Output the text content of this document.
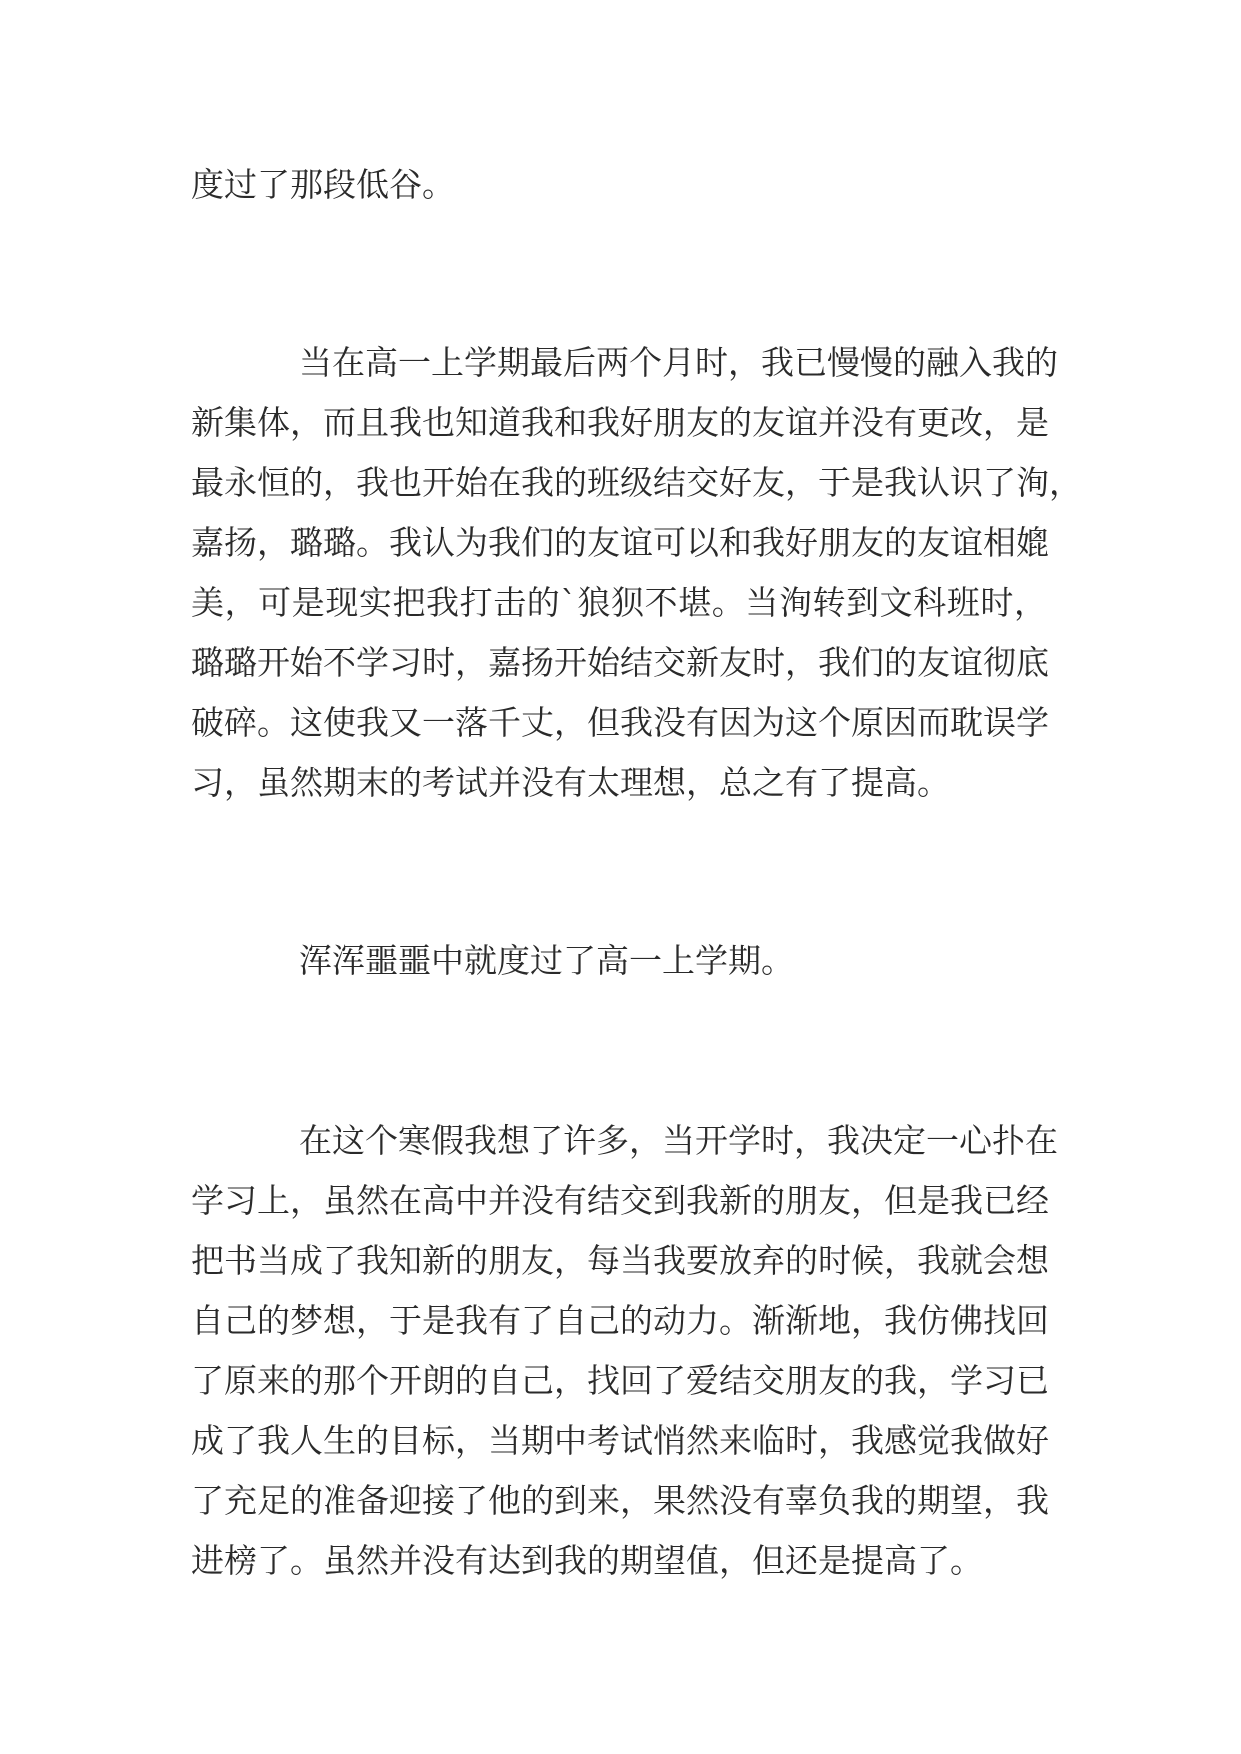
度过了那段低谷。
当在高一上学期最后两个月时，我已慢慢的融入我的
新集体，而且我也知道我和我好朋友的友谊并没有更改，是
最永恒的，我也开始在我的班级结交好友，于是我认识了洵，
嘉扬，璐璐。我认为我们的友谊可以和我好朋友的友谊相媲
美，可是现实把我打击的`狼狈不堪。当洵转到文科班时，
璐璐开始不学习时，嘉扬开始结交新友时，我们的友谊彻底
破碎。这使我又一落千丈，但我没有因为这个原因而耽误学
习，虽然期末的考试并没有太理想，总之有了提高。
浑浑噩噩中就度过了高一上学期。
在这个寒假我想了许多，当开学时，我决定一心扑在
学习上，虽然在高中并没有结交到我新的朋友，但是我已经
把书当成了我知新的朋友，每当我要放弃的时候，我就会想
自己的梦想，于是我有了自己的动力。渐渐地，我仿佛找回
了原来的那个开朗的自己，找回了爱结交朋友的我，学习已
成了我人生的目标，当期中考试悄然来临时，我感觉我做好
了充足的准备迎接了他的到来，果然没有辜负我的期望，我
进榜了。虽然并没有达到我的期望值，但还是提高了。
